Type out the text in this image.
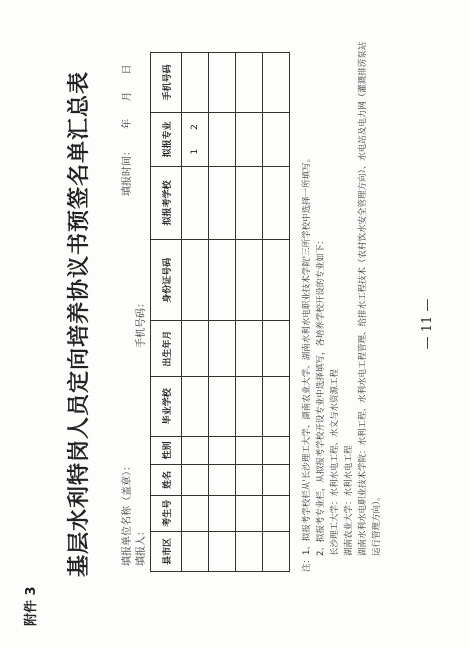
附件 3
基层水利特岗人员定向培养协议书预签名单汇总表	填报单位名称（盖章）： 填报人：
手机号码：
填报时间： 年 月 日
县市区	考生号	姓名	性别	毕业学校	出生年月	身份证号码	拟报考学校	拟报专业	手机号码
								1 2	

注：1、拟报考学校栏从'长沙理工大学、湖南农业大学、湖南水利水电职业技术学院'三所学校中选择一所填写。 2、拟报考专业栏，从拟报考学校开设专业中选择填写，各培养学校开设的专业如下： 长沙理工大学：水利水电工程、水文与水资源工程 湖南农业大学：水利水电工程 湖南水利水电职业技术学院：水利工程、水利水电工程管理、给排水工程技术（农村饮水安全管理方向）、水电站及电力网（灌溉排涝泵站 运行管理方向）。
— 11 —
